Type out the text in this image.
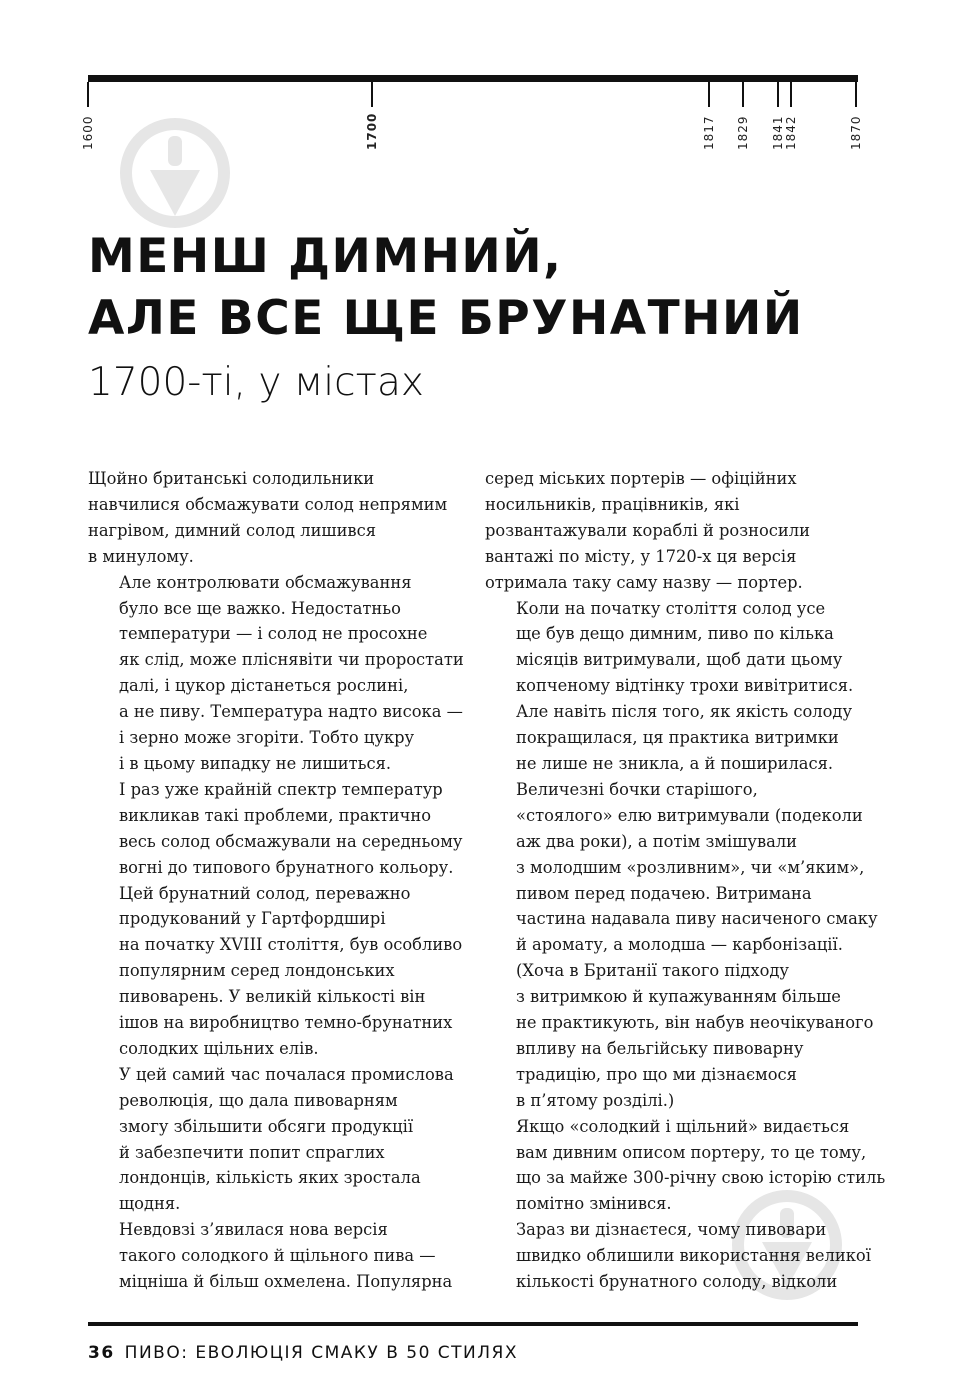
1600	1700	1817 1829 1841 1842	1870
МЕНШ ДИМНИЙ,
АЛЕ ВСЕ ЩЕ БРУНАТНИЙ
1700-ті, у містах

Щойно британські солодильники
навчилися обсмажувати солод непрямим
нагрівом, димний солод лишився
в минулому.

Але контролювати обсмажування
було все ще важко. Недостатньо
температури — і солод не просохне
як слід, може пліснявіти чи проростати
далі, і цукор дістанеться рослині,
а не пиву. Температура надто висока —
і зерно може згоріти. Тобто цукру
і в цьому випадку не лишиться.

І раз уже крайній спектр температур
викликав такі проблеми, практично
весь солод обсмажували на середньому
вогні до типового брунатного кольору.
Цей брунатний солод, переважно
продукований у Гартфордширі
на початку XVIII століття, був особливо
популярним серед лондонських
пивоварень. У великій кількості він
ішов на виробництво темно-брунатних
солодких щільних елів.

У цей самий час почалася промислова
революція, що дала пивоварням
змогу збільшити обсяги продукції
й забезпечити попит спраглих
лондонців, кількість яких зростала
щодня.

Невдовзі з’явилася нова версія
такого солодкого й щільного пива —
міцніша й більш охмелена. Популярна

серед міських портерів — офіційних
носильників, працівників, які
розвантажували кораблі й розносили
вантажі по місту, у 1720-х ця версія
отримала таку саму назву — портер.

Коли на початку століття солод усе
ще був дещо димним, пиво по кілька
місяців витримували, щоб дати цьому
копченому відтінку трохи вивітритися.
Але навіть після того, як якість солоду
покращилася, ця практика витримки
не лише не зникла, а й поширилася.

Величезні бочки старішого,
«стоялого» елю витримували (подеколи
аж два роки), а потім змішували
з молодшим «розливним», чи «м’яким»,
пивом перед подачею. Витримана
частина надавала пиву насиченого смаку
й аромату, а молодша — карбонізації.

(Хоча в Британії такого підходу
з витримкою й купажуванням більше
не практикують, він набув неочікуваного
впливу на бельгійську пивоварну
традицію, про що ми дізнаємося
в п’ятому розділі.)

Якщо «солодкий і щільний» видається
вам дивним описом портеру, то це тому,
що за майже 300-річну свою історію стиль
помітно змінився.

Зараз ви дізнаєтеся, чому пивовари
швидко облишили використання великої
кількості брунатного солоду, відколи

36 ПИВО: ЕВОЛЮЦІЯ СМАКУ В 50 СТИЛЯХ
